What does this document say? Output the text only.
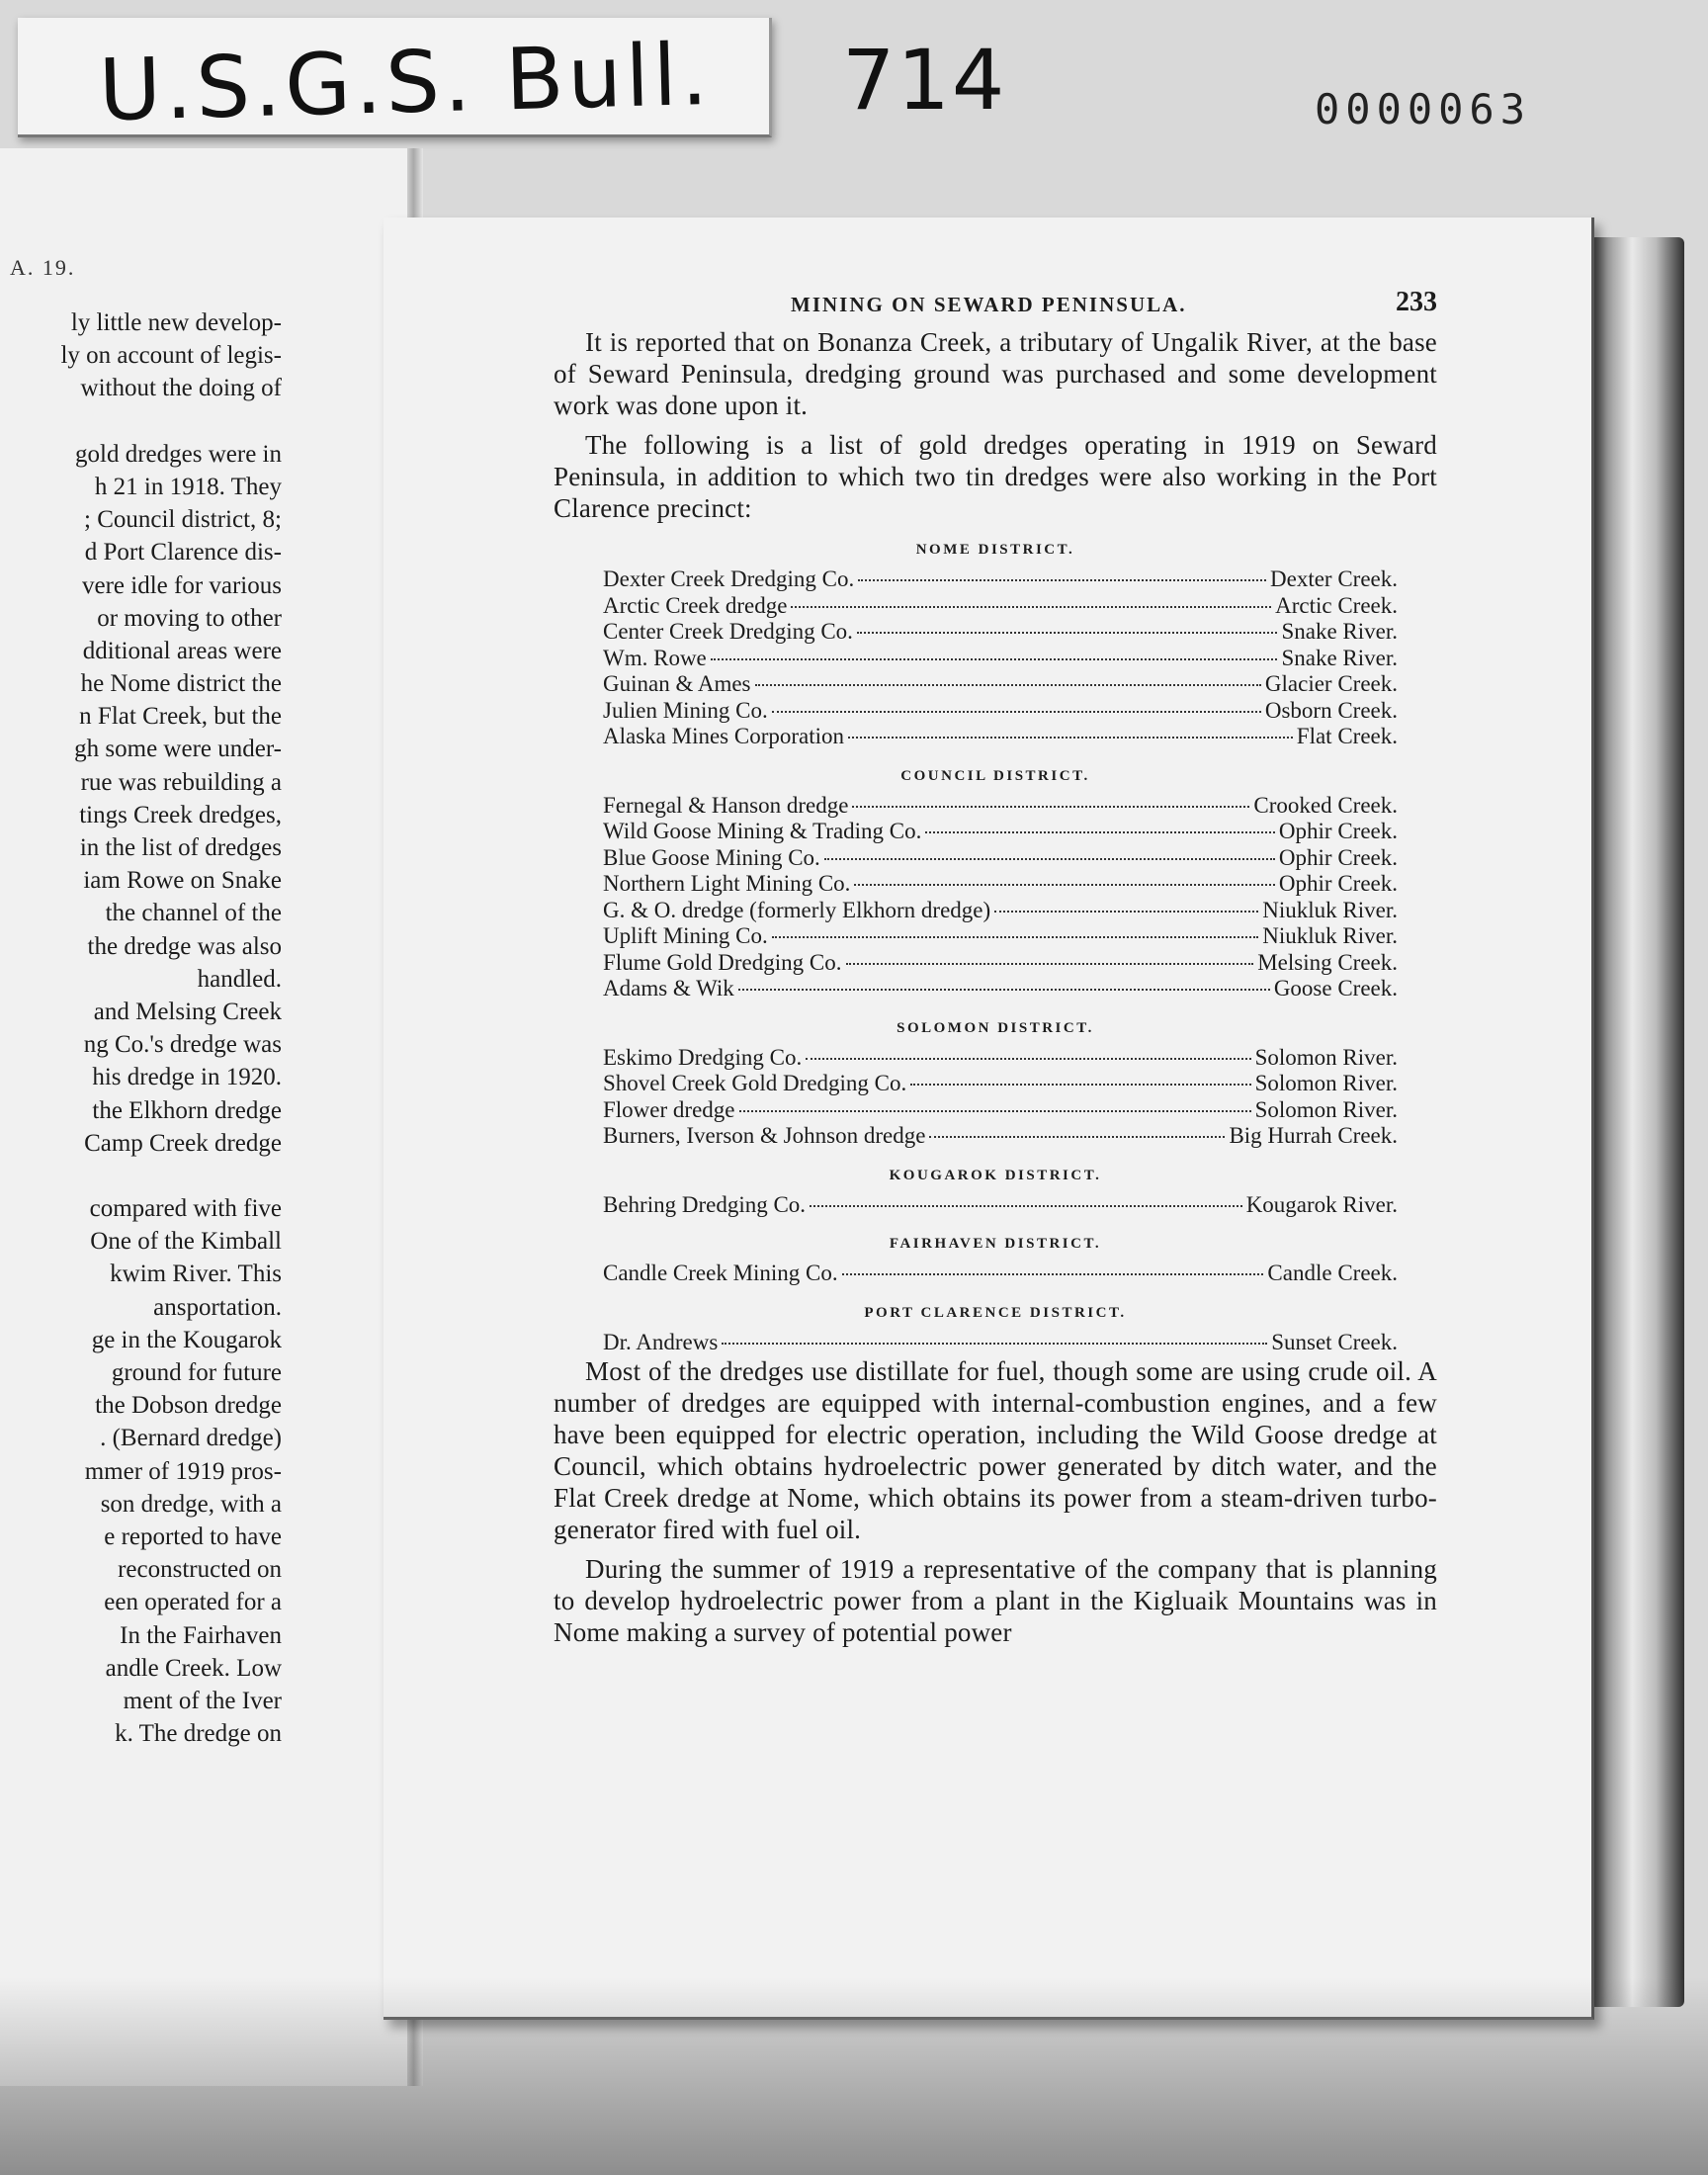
U.S.G.S. Bull. 714	0000063
A. 19.
ly little new develop-
ly on account of legis-
without the doing of
gold dredges were in
h 21 in 1918. They
; Council district, 8;
d Port Clarence dis-
vere idle for various
or moving to other
dditional areas were
he Nome district the
n Flat Creek, but the
gh some were under-
rue was rebuilding a
tings Creek dredges,
in the list of dredges
iam Rowe on Snake
the channel of the
the dredge was also
handled.
and Melsing Creek
ng Co.'s dredge was
his dredge in 1920.
the Elkhorn dredge
Camp Creek dredge
compared with five
One of the Kimball
kwim River. This
ansportation.
ge in the Kougarok
ground for future
the Dobson dredge
. (Bernard dredge)
mmer of 1919 pros-
son dredge, with a
e reported to have
reconstructed on
een operated for a
In the Fairhaven
andle Creek. Low
ment of the Iver
k. The dredge on
MINING ON SEWARD PENINSULA.	233

It is reported that on Bonanza Creek, a tributary of Ungalik River, at the base of Seward Peninsula, dredging ground was purchased and some development work was done upon it.

The following is a list of gold dredges operating in 1919 on Seward Peninsula, in addition to which two tin dredges were also working in the Port Clarence precinct:

NOME DISTRICT.
Dexter Creek Dredging Co.	Dexter Creek.
Arctic Creek dredge	Arctic Creek.
Center Creek Dredging Co.	Snake River.
Wm. Rowe	Snake River.
Guinan & Ames	Glacier Creek.
Julien Mining Co.	Osborn Creek.
Alaska Mines Corporation	Flat Creek.
COUNCIL DISTRICT.
Fernegal & Hanson dredge	Crooked Creek.
Wild Goose Mining & Trading Co.	Ophir Creek.
Blue Goose Mining Co.	Ophir Creek.
Northern Light Mining Co.	Ophir Creek.
G. & O. dredge (formerly Elkhorn dredge)	Niukluk River.
Uplift Mining Co.	Niukluk River.
Flume Gold Dredging Co.	Melsing Creek.
Adams & Wik	Goose Creek.
SOLOMON DISTRICT.
Eskimo Dredging Co.	Solomon River.
Shovel Creek Gold Dredging Co.	Solomon River.
Flower dredge	Solomon River.
Burners, Iverson & Johnson dredge	Big Hurrah Creek.
KOUGAROK DISTRICT.
Behring Dredging Co.	Kougarok River.
FAIRHAVEN DISTRICT.
Candle Creek Mining Co.	Candle Creek.
PORT CLARENCE DISTRICT.
Dr. Andrews	Sunset Creek.

Most of the dredges use distillate for fuel, though some are using crude oil. A number of dredges are equipped with internal-combustion engines, and a few have been equipped for electric operation, including the Wild Goose dredge at Council, which obtains hydroelectric power generated by ditch water, and the Flat Creek dredge at Nome, which obtains its power from a steam-driven turbo-generator fired with fuel oil.

During the summer of 1919 a representative of the company that is planning to develop hydroelectric power from a plant in the Kigluaik Mountains was in Nome making a survey of potential power
